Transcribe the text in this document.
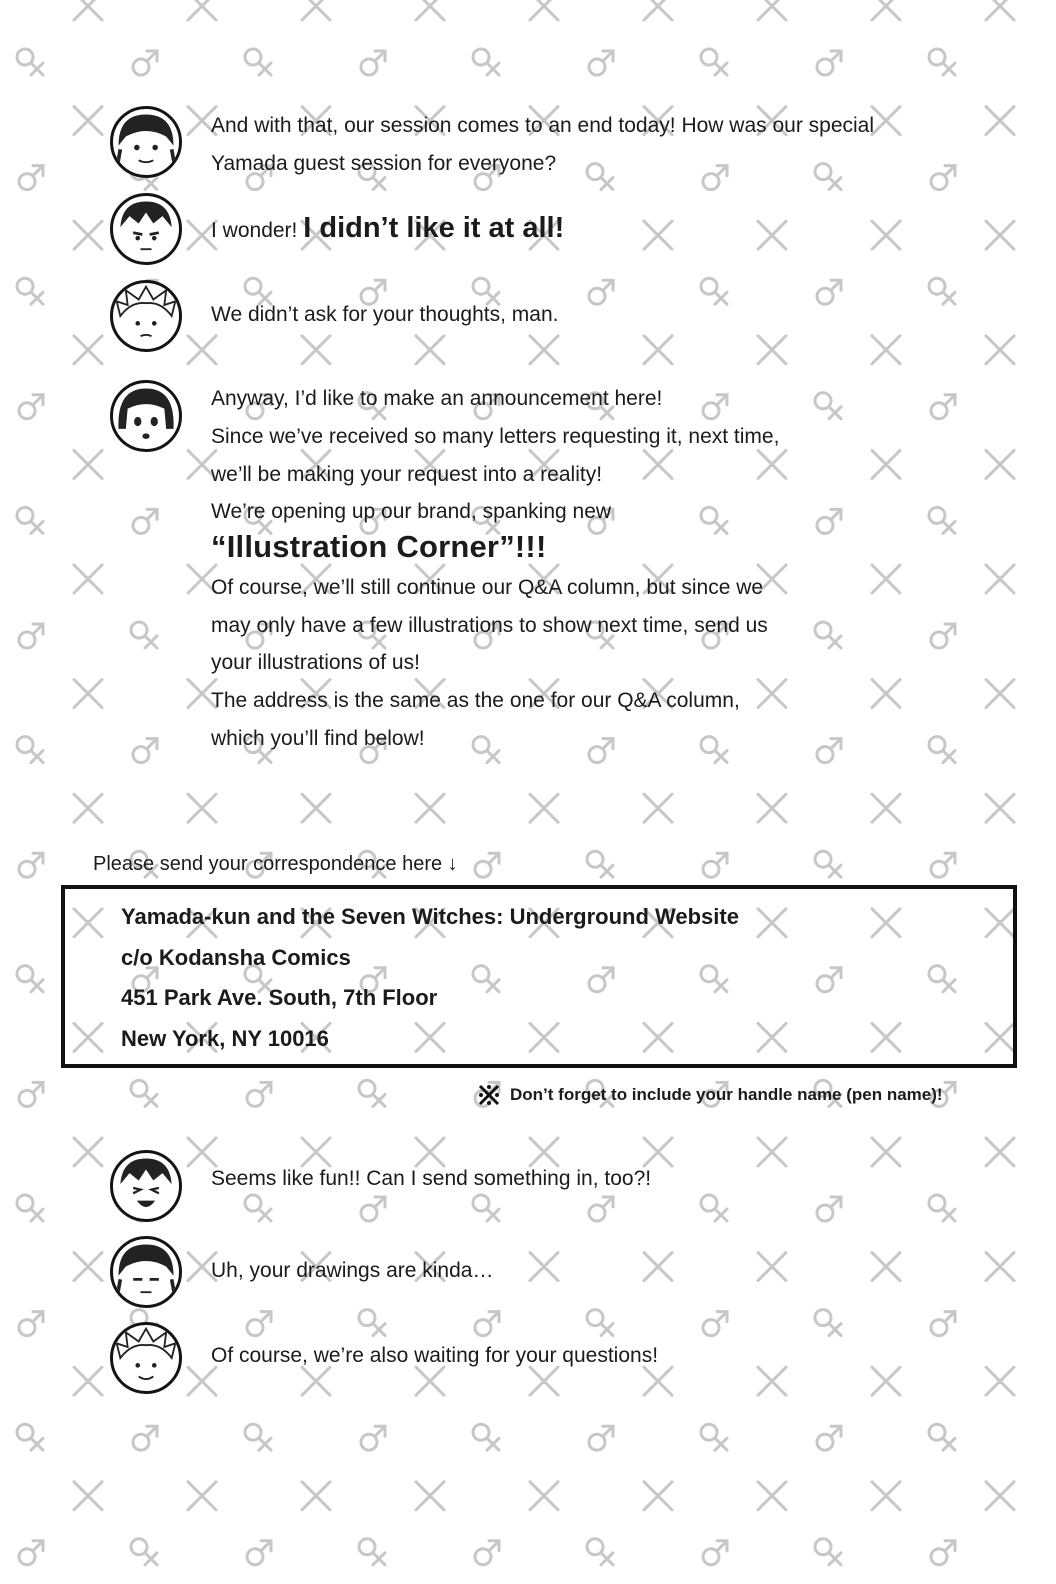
And with that, our session comes to an end today! How was our special
Yamada guest session for everyone?
I wonder! I didn’t like it at all!
We didn’t ask for your thoughts, man.
Anyway, I’d like to make an announcement here!
Since we’ve received so many letters requesting it, next time,
we’ll be making your request into a reality!
We’re opening up our brand, spanking new
“Illustration Corner”!!!
Of course, we’ll still continue our Q&A column, but since we
may only have a few illustrations to show next time, send us
your illustrations of us!
The address is the same as the one for our Q&A column,
which you’ll find below!
Please send your correspondence here ↓
Yamada-kun and the Seven Witches: Underground Website
c/o Kodansha Comics
451 Park Ave. South, 7th Floor
New York, NY 10016
Don’t forget to include your handle name (pen name)!
Seems like fun!! Can I send something in, too?!
Uh, your drawings are kinda…
Of course, we’re also waiting for your questions!
